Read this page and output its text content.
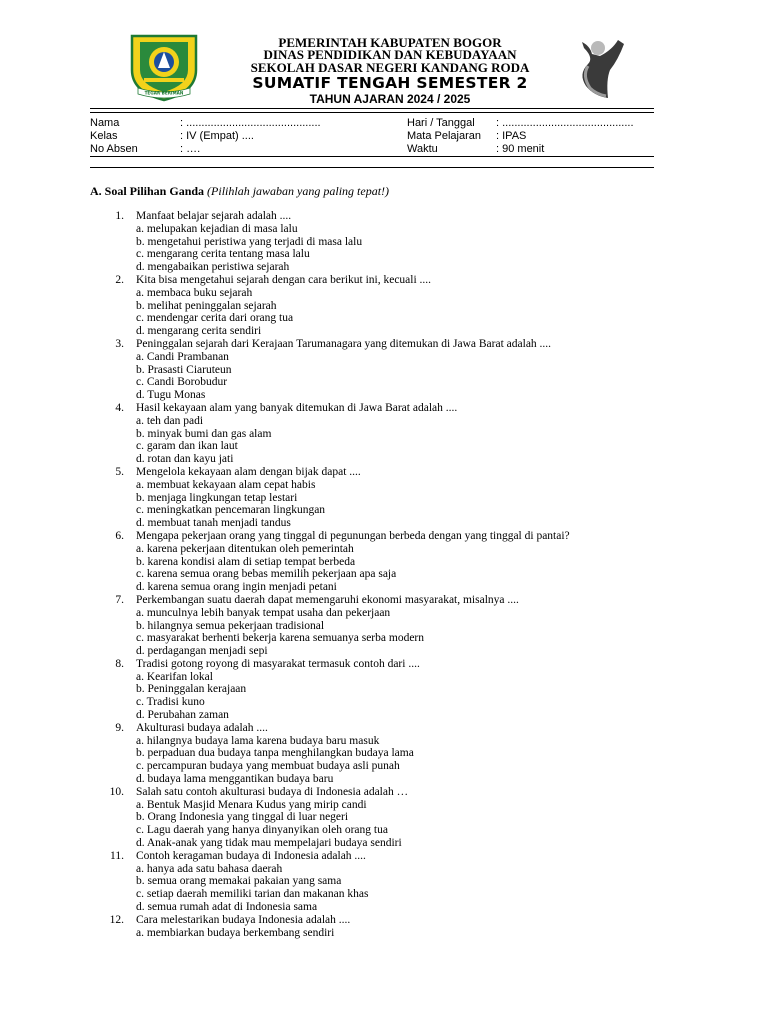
TEGAR BERIMAN
PEMERINTAH KABUPATEN BOGOR
DINAS PENDIDIKAN DAN KEBUDAYAAN
SEKOLAH DASAR NEGERI KANDANG RODA
SUMATIF TENGAH SEMESTER 2
TAHUN AJARAN 2024 / 2025
Nama	: ............................................
Kelas	: IV (Empat) ....
No Absen	: ….
Hari / Tanggal : ...........................................
Mata Pelajaran : IPAS
Waktu	: 90 menit
A. Soal Pilihan Ganda (Pilihlah jawaban yang paling tepat!)
1. Manfaat belajar sejarah adalah ....
a. melupakan kejadian di masa lalu
b. mengetahui peristiwa yang terjadi di masa lalu
c. mengarang cerita tentang masa lalu
d. mengabaikan peristiwa sejarah
2. Kita bisa mengetahui sejarah dengan cara berikut ini, kecuali ....
a. membaca buku sejarah
b. melihat peninggalan sejarah
c. mendengar cerita dari orang tua
d. mengarang cerita sendiri
3. Peninggalan sejarah dari Kerajaan Tarumanagara yang ditemukan di Jawa Barat adalah ....
a. Candi Prambanan
b. Prasasti Ciaruteun
c. Candi Borobudur
d. Tugu Monas
4. Hasil kekayaan alam yang banyak ditemukan di Jawa Barat adalah ....
a. teh dan padi
b. minyak bumi dan gas alam
c. garam dan ikan laut
d. rotan dan kayu jati
5. Mengelola kekayaan alam dengan bijak dapat ....
a. membuat kekayaan alam cepat habis
b. menjaga lingkungan tetap lestari
c. meningkatkan pencemaran lingkungan
d. membuat tanah menjadi tandus
6. Mengapa pekerjaan orang yang tinggal di pegunungan berbeda dengan yang tinggal di pantai?
a. karena pekerjaan ditentukan oleh pemerintah
b. karena kondisi alam di setiap tempat berbeda
c. karena semua orang bebas memilih pekerjaan apa saja
d. karena semua orang ingin menjadi petani
7. Perkembangan suatu daerah dapat memengaruhi ekonomi masyarakat, misalnya ....
a. munculnya lebih banyak tempat usaha dan pekerjaan
b. hilangnya semua pekerjaan tradisional
c. masyarakat berhenti bekerja karena semuanya serba modern
d. perdagangan menjadi sepi
8. Tradisi gotong royong di masyarakat termasuk contoh dari ....
a. Kearifan lokal
b. Peninggalan kerajaan
c. Tradisi kuno
d. Perubahan zaman
9. Akulturasi budaya adalah ....
a. hilangnya budaya lama karena budaya baru masuk
b. perpaduan dua budaya tanpa menghilangkan budaya lama
c. percampuran budaya yang membuat budaya asli punah
d. budaya lama menggantikan budaya baru
10. Salah satu contoh akulturasi budaya di Indonesia adalah …
a. Bentuk Masjid Menara Kudus yang mirip candi
b. Orang Indonesia yang tinggal di luar negeri
c. Lagu daerah yang hanya dinyanyikan oleh orang tua
d. Anak-anak yang tidak mau mempelajari budaya sendiri
11. Contoh keragaman budaya di Indonesia adalah ....
a. hanya ada satu bahasa daerah
b. semua orang memakai pakaian yang sama
c. setiap daerah memiliki tarian dan makanan khas
d. semua rumah adat di Indonesia sama
12. Cara melestarikan budaya Indonesia adalah ....
a. membiarkan budaya berkembang sendiri
